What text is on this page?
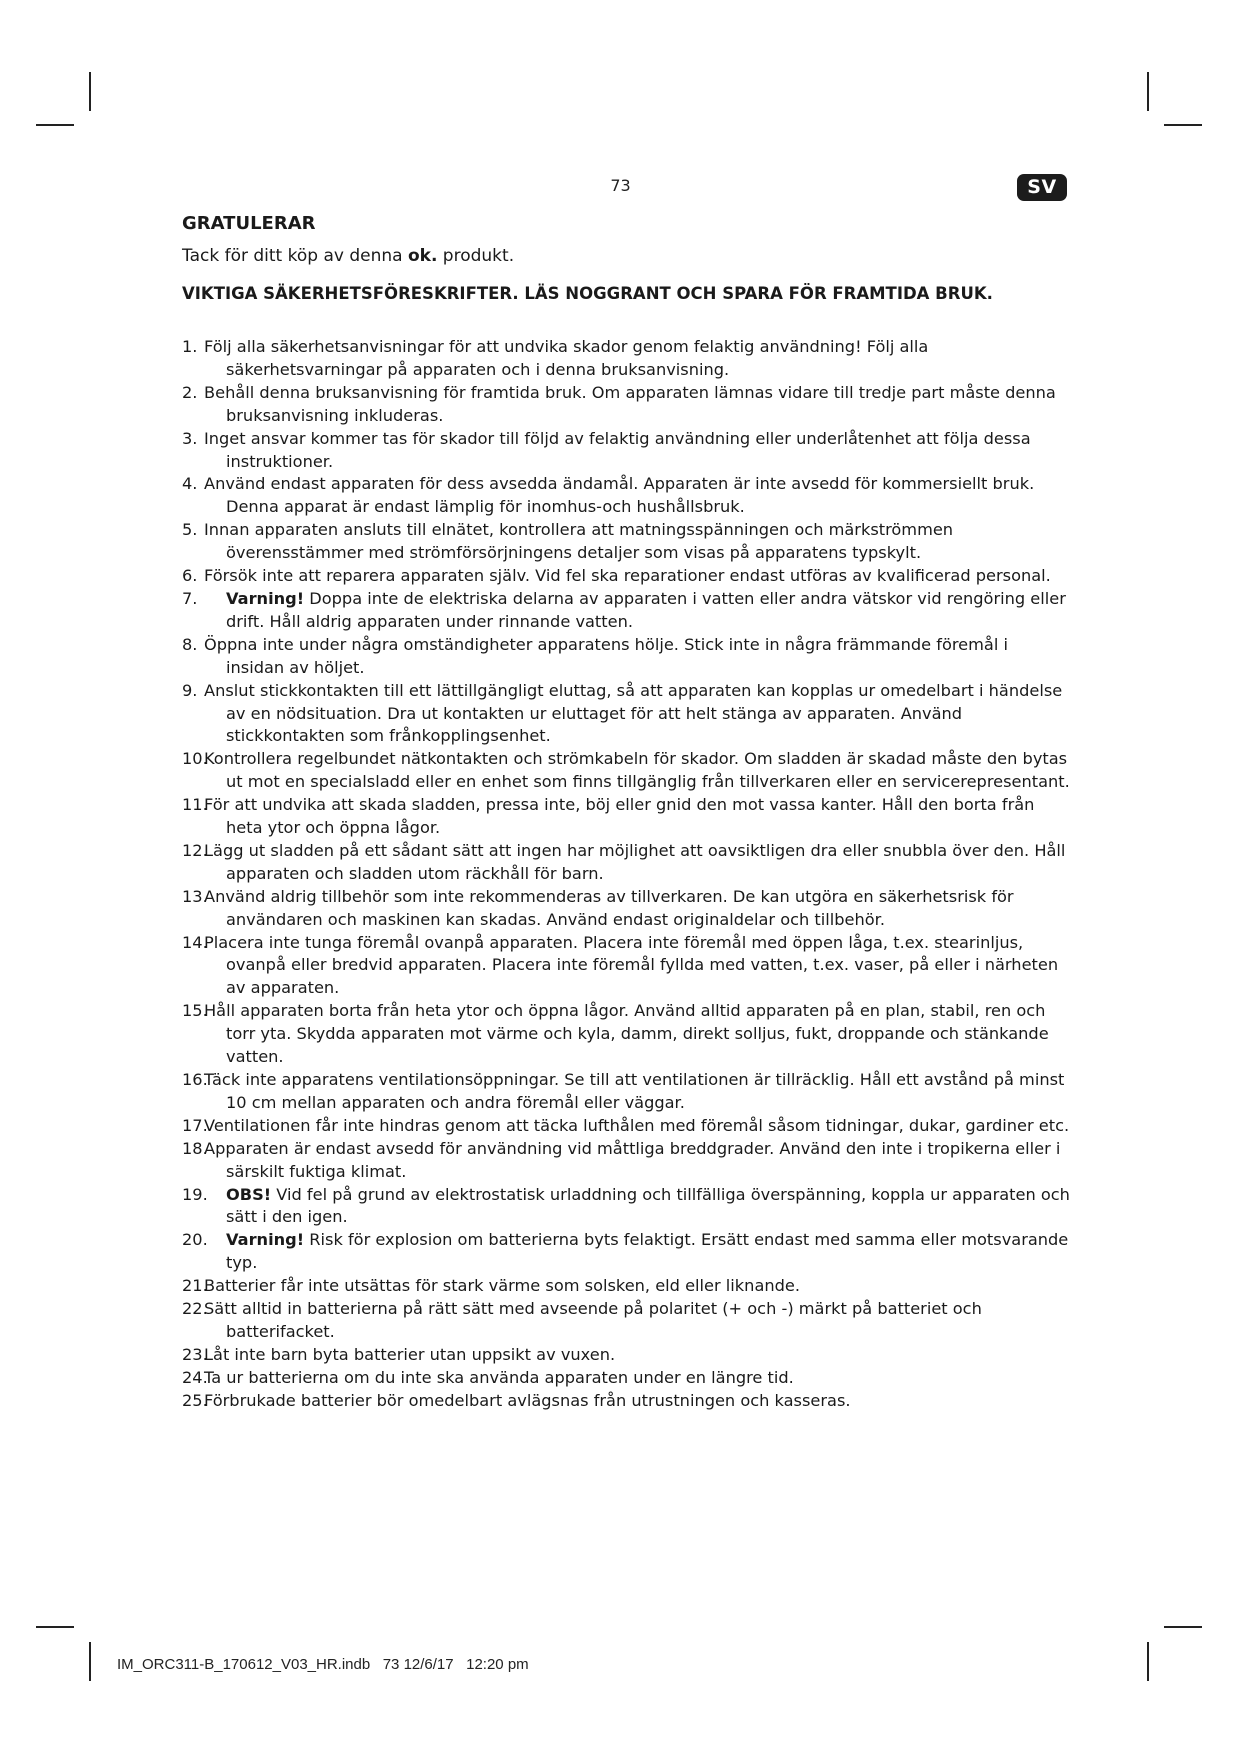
73	SV
GRATULERAR

Tack för ditt köp av denna ok. produkt.

VIKTIGA SÄKERHETSFÖRESKRIFTER. LÄS NOGGRANT OCH SPARA FÖR FRAMTIDA BRUK.
1. Följ alla säkerhetsanvisningar för att undvika skador genom felaktig användning! Följ alla säkerhetsvarningar på apparaten och i denna bruksanvisning.
2. Behåll denna bruksanvisning för framtida bruk. Om apparaten lämnas vidare till tredje part måste denna bruksanvisning inkluderas.
3. Inget ansvar kommer tas för skador till följd av felaktig användning eller underlåtenhet att följa dessa instruktioner.
4. Använd endast apparaten för dess avsedda ändamål. Apparaten är inte avsedd för kommersiellt bruk. Denna apparat är endast lämplig för inomhus-och hushållsbruk.
5. Innan apparaten ansluts till elnätet, kontrollera att matningsspänningen och märkströmmen överensstämmer med strömförsörjningens detaljer som visas på apparatens typskylt.
6. Försök inte att reparera apparaten själv. Vid fel ska reparationer endast utföras av kvalificerad personal.
7. Varning! Doppa inte de elektriska delarna av apparaten i vatten eller andra vätskor vid rengöring eller drift. Håll aldrig apparaten under rinnande vatten.
8. Öppna inte under några omständigheter apparatens hölje. Stick inte in några främmande föremål i insidan av höljet.
9. Anslut stickkontakten till ett lättillgängligt eluttag, så att apparaten kan kopplas ur omedelbart i händelse av en nödsituation. Dra ut kontakten ur eluttaget för att helt stänga av apparaten. Använd stickkontakten som frånkopplingsenhet.
10.
Kontrollera regelbundet nätkontakten och strömkabeln för skador. Om sladden är skadad måste den bytas ut mot en specialsladd eller en enhet som finns tillgänglig från tillverkaren eller en servicerepresentant.
11.
För att undvika att skada sladden, pressa inte, böj eller gnid den mot vassa kanter. Håll den borta från heta ytor och öppna lågor.
12.
Lägg ut sladden på ett sådant sätt att ingen har möjlighet att oavsiktligen dra eller snubbla över den. Håll apparaten och sladden utom räckhåll för barn.
13.
Använd aldrig tillbehör som inte rekommenderas av tillverkaren. De kan utgöra en säkerhetsrisk för användaren och maskinen kan skadas. Använd endast originaldelar och tillbehör.
14.
Placera inte tunga föremål ovanpå apparaten. Placera inte föremål med öppen låga, t.ex. stearinljus, ovanpå eller bredvid apparaten. Placera inte föremål fyllda med vatten, t.ex. vaser, på eller i närheten av apparaten.
15.
Håll apparaten borta från heta ytor och öppna lågor. Använd alltid apparaten på en plan, stabil, ren och torr yta. Skydda apparaten mot värme och kyla, damm, direkt solljus, fukt, droppande och stänkande vatten.
16.
Täck inte apparatens ventilationsöppningar. Se till att ventilationen är tillräcklig. Håll ett avstånd på minst 10 cm mellan apparaten och andra föremål eller väggar.
17.
Ventilationen får inte hindras genom att täcka lufthålen med föremål såsom tidningar, dukar, gardiner etc.
18.
Apparaten är endast avsedd för användning vid måttliga breddgrader. Använd den inte i tropikerna eller i särskilt fuktiga klimat.
19. OBS! Vid fel på grund av elektrostatisk urladdning och tillfälliga överspänning, koppla ur apparaten och sätt i den igen.
20. Varning! Risk för explosion om batterierna byts felaktigt. Ersätt endast med samma eller motsvarande typ.
21.
Batterier får inte utsättas för stark värme som solsken, eld eller liknande.
22.
Sätt alltid in batterierna på rätt sätt med avseende på polaritet (+ och -) märkt på batteriet och batterifacket.
23.
Låt inte barn byta batterier utan uppsikt av vuxen.
24.
Ta ur batterierna om du inte ska använda apparaten under en längre tid.
25.
Förbrukade batterier bör omedelbart avlägsnas från utrustningen och kasseras.
IM_ORC311-B_170612_V03_HR.indb   73 12/6/17   12:20 pm
